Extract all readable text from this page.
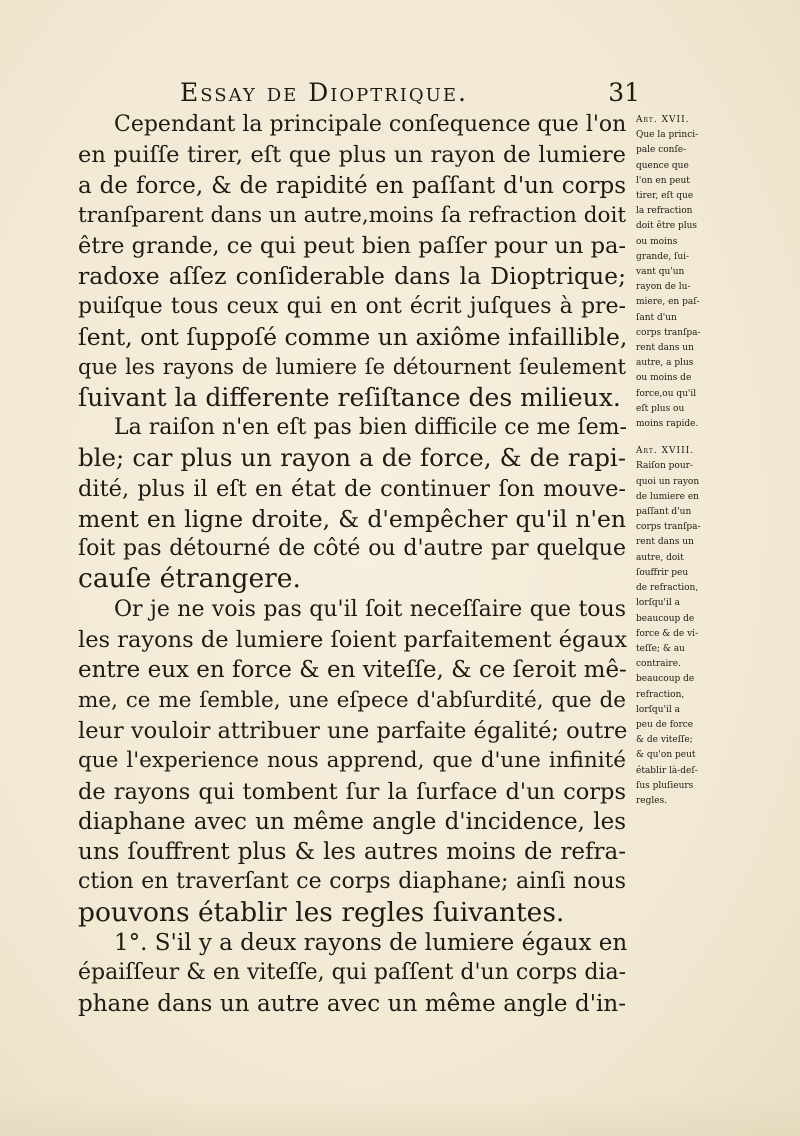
Essay de Dioptrique.	31
Cependant la principale conſequence que l'on
en puiſſe tirer, eſt que plus un rayon de lumiere
a de force, & de rapidité en paſſant d'un corps
tranſparent dans un autre,moins ſa refraction doit
être grande, ce qui peut bien paſſer pour un pa-
radoxe aſſez conſiderable dans la Dioptrique;
puiſque tous ceux qui en ont écrit juſques à pre-
ſent, ont ſuppoſé comme un axiôme infaillible,
que les rayons de lumiere ſe détournent ſeulement
ſuivant la differente reſiſtance des milieux.
La raiſon n'en eſt pas bien difficile ce me ſem-
ble; car plus un rayon a de force, & de rapi-
dité, plus il eſt en état de continuer ſon mouve-
ment en ligne droite, & d'empêcher qu'il n'en
ſoit pas détourné de côté ou d'autre par quelque
cauſe étrangere.
Or je ne vois pas qu'il ſoit neceſſaire que tous
les rayons de lumiere ſoient parfaitement égaux
entre eux en force & en viteſſe, & ce ſeroit mê-
me, ce me ſemble, une eſpece d'abſurdité, que de
leur vouloir attribuer une parfaite égalité; outre
que l'experience nous apprend, que d'une infinité
de rayons qui tombent ſur la ſurface d'un corps
diaphane avec un même angle d'incidence, les
uns ſouffrent plus & les autres moins de refra-
ction en traverſant ce corps diaphane; ainſi nous
pouvons établir les regles ſuivantes.
1°. S'il y a deux rayons de lumiere égaux en
épaiſſeur & en viteſſe, qui paſſent d'un corps dia-
phane dans un autre avec un même angle d'in-
Art. XVII.
Que la princi-
pale conſe-
quence que
l'on en peut
tirer, eſt que
la refraction
doit être plus
ou moins
grande, ſui-
vant qu'un
rayon de lu-
miere, en paſ-
ſant d'un
corps tranſpa-
rent dans un
autre, a plus
ou moins de
force,ou qu'il
eſt plus ou
moins rapide.
Art. XVIII.
Raiſon pour-
quoi un rayon
de lumiere en
paſſant d'un
corps tranſpa-
rent dans un
autre, doit
ſouffrir peu
de refraction,
lorſqu'il a
beaucoup de
force & de vi-
teſſe; & au
contraire.
beaucoup de
refraction,
lorſqu'il a
peu de force
& de viteſſe;
& qu'on peut
établir là-deſ-
ſus pluſieurs
regles.
